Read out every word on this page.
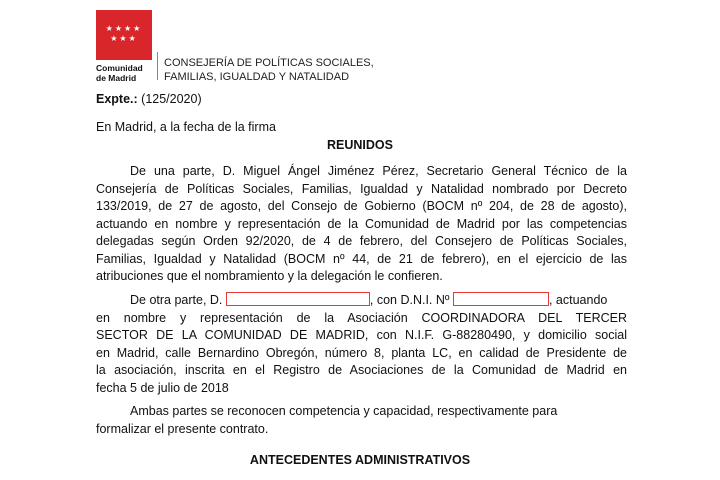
★★★★
★★★
Comunidad
de Madrid
CONSEJERÍA DE POLÍTICAS SOCIALES,
FAMILIAS, IGUALDAD Y NATALIDAD
Expte.: (125/2020)
En Madrid, a la fecha de la firma
REUNIDOS
De una parte, D. Miguel Ángel Jiménez Pérez, Secretario General Técnico de la
Consejería de Políticas Sociales, Familias, Igualdad y Natalidad nombrado por Decreto
133/2019, de 27 de agosto, del Consejo de Gobierno (BOCM nº 204, de 28 de agosto),
actuando en nombre y representación de la Comunidad de Madrid por las competencias
delegadas según Orden 92/2020, de 4 de febrero, del Consejero de Políticas Sociales,
Familias, Igualdad y Natalidad (BOCM nº 44, de 21 de febrero), en el ejercicio de las
atribuciones que el nombramiento y la delegación le confieren.
De otra parte, D.	, con D.N.I. Nº	, actuando
en nombre y representación de la Asociación COORDINADORA DEL TERCER
SECTOR DE LA COMUNIDAD DE MADRID, con N.I.F. G-88280490, y domicilio social
en Madrid, calle Bernardino Obregón, número 8, planta LC, en calidad de Presidente de
la asociación, inscrita en el Registro de Asociaciones de la Comunidad de Madrid en
fecha 5 de julio de 2018
Ambas partes se reconocen competencia y capacidad, respectivamente para
formalizar el presente contrato.
ANTECEDENTES ADMINISTRATIVOS
